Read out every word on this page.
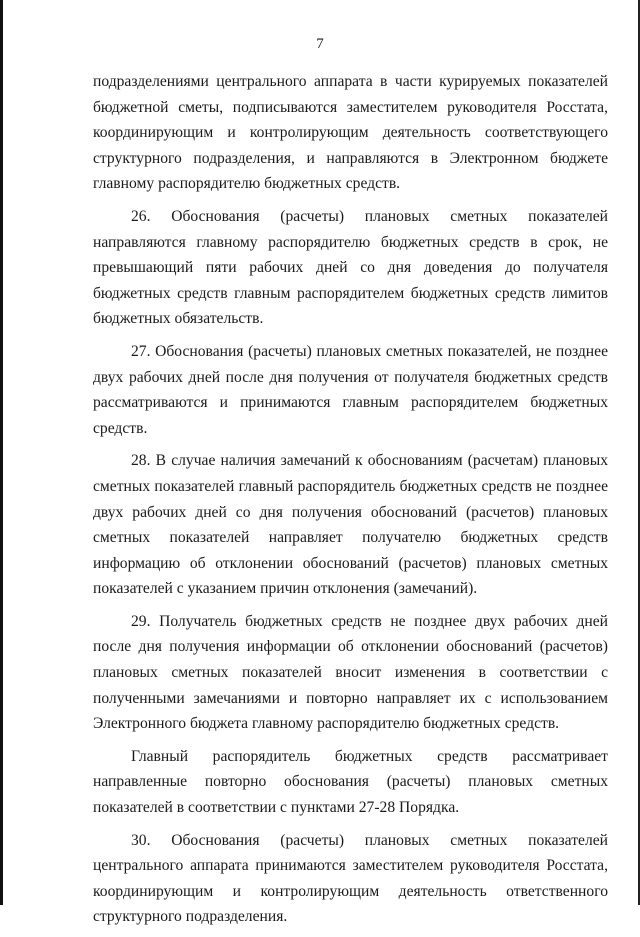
7

подразделениями центрального аппарата в части курируемых показателей бюджетной сметы, подписываются заместителем руководителя Росстата, координирующим и контролирующим деятельность соответствующего структурного подразделения, и направляются в Электронном бюджете главному распорядителю бюджетных средств.

26. Обоснования (расчеты) плановых сметных показателей направляются главному распорядителю бюджетных средств в срок, не превышающий пяти рабочих дней со дня доведения до получателя бюджетных средств главным распорядителем бюджетных средств лимитов бюджетных обязательств.

27. Обоснования (расчеты) плановых сметных показателей, не позднее двух рабочих дней после дня получения от получателя бюджетных средств рассматриваются и принимаются главным распорядителем бюджетных средств.

28. В случае наличия замечаний к обоснованиям (расчетам) плановых сметных показателей главный распорядитель бюджетных средств не позднее двух рабочих дней со дня получения обоснований (расчетов) плановых сметных показателей направляет получателю бюджетных средств информацию об отклонении обоснований (расчетов) плановых сметных показателей с указанием причин отклонения (замечаний).

29. Получатель бюджетных средств не позднее двух рабочих дней после дня получения информации об отклонении обоснований (расчетов) плановых сметных показателей вносит изменения в соответствии с полученными замечаниями и повторно направляет их с использованием Электронного бюджета главному распорядителю бюджетных средств.

Главный распорядитель бюджетных средств рассматривает направленные повторно обоснования (расчеты) плановых сметных показателей в соответствии с пунктами 27-28 Порядка.

30. Обоснования (расчеты) плановых сметных показателей центрального аппарата принимаются заместителем руководителя Росстата, координирующим и контролирующим деятельность ответственного структурного подразделения.
